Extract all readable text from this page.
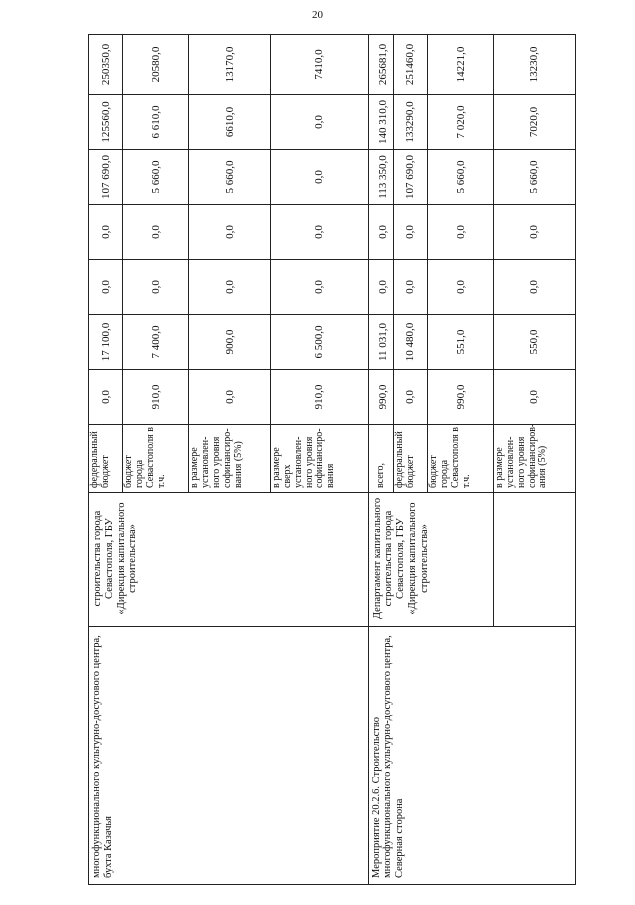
20
многофункционального культурно-досугового центра, бухта Казачья	строительства города Севастополя, ГБУ «Дирекция капитального строительства»	федеральный бюджет	0,0	17 100,0	0,0	0,0	107 690,0	125560,0	250350,0
		бюджет города Севастополя в т.ч.	910,0	7 400,0	0,0	0,0	5 660,0	6 610,0	20580,0
		в размере установлен-ного уровня софинансиро-вания (5%)	0,0	900,0	0,0	0,0	5 660,0	6610,0	13170,0
		в размере сверх установлен-ного уровня софинансиро-вания	910,0	6 500,0	0,0	0,0	0,0	0,0	7410,0
Мероприятие 20.2.6. Строительство многофункционального культурно-досугового центра, Северная сторона	Департамент капитального строительства города Севастополя, ГБУ «Дирекция капитального строительства»	всего,	990,0	11 031,0	0,0	0,0	113 350,0	140 310,0	265681,0
		федеральный бюджет	0,0	10 480,0	0,0	0,0	107 690,0	133290,0	251460,0
		бюджет города Севастополя в т.ч.	990,0	551,0	0,0	0,0	5 660,0	7 020,0	14221,0
		в размере установлен-ного уровня софинансиров-ания (5%)	0,0	550,0	0,0	0,0	5 660,0	7020,0	13230,0
